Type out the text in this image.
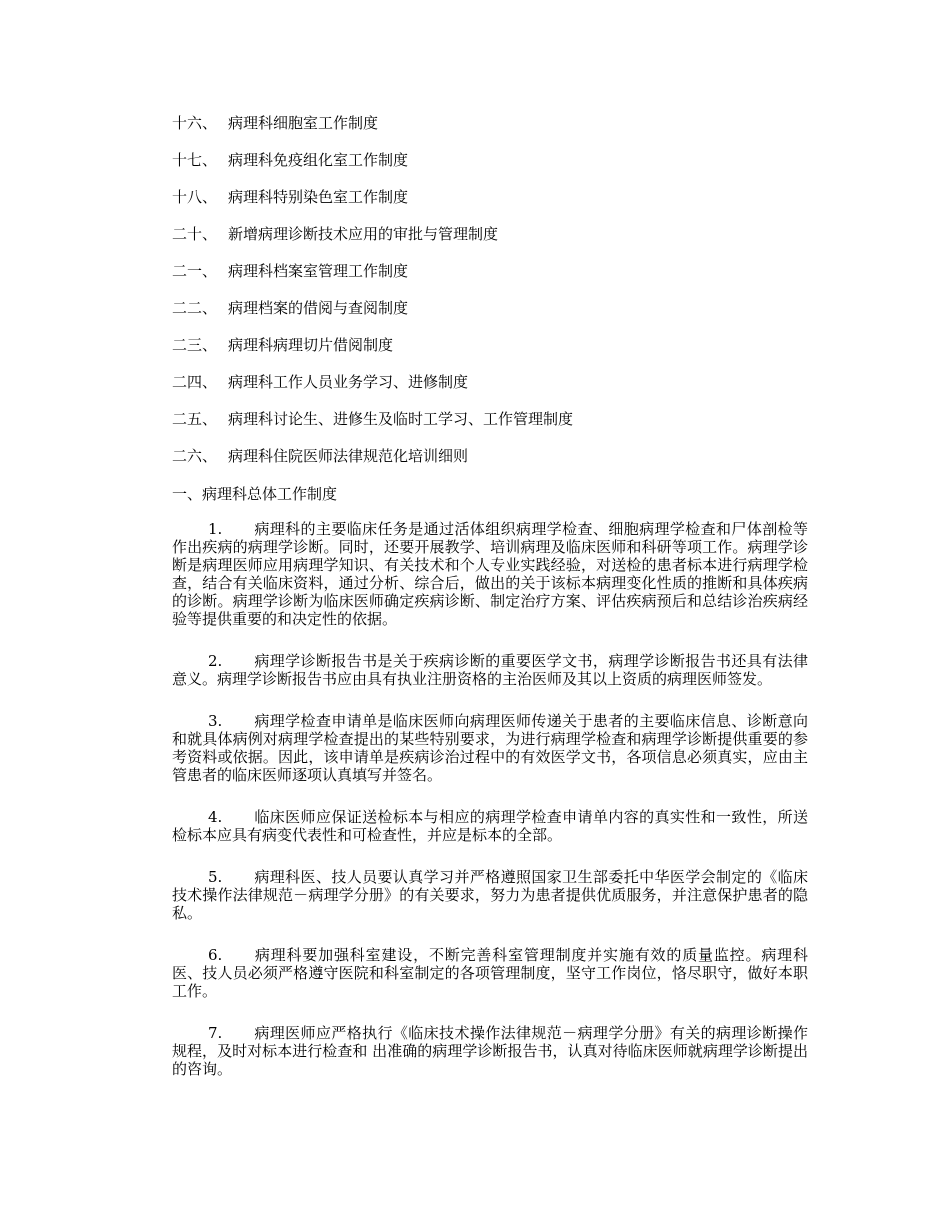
十六、 病理科细胞室工作制度
十七、 病理科免疫组化室工作制度
十八、 病理科特别染色室工作制度
二十、 新增病理诊断技术应用的审批与管理制度
二一、 病理科档案室管理工作制度
二二、 病理档案的借阅与查阅制度
二三、 病理科病理切片借阅制度
二四、 病理科工作人员业务学习、进修制度
二五、 病理科讨论生、进修生及临时工学习、工作管理制度
二六、 病理科住院医师法律规范化培训细则
一、病理科总体工作制度

1. 病理科的主要临床任务是通过活体组织病理学检查、细胞病理学检查和尸体剖检等作出疾病的病理学诊断。同时，还要开展教学、培训病理及临床医师和科研等项工作。病理学诊断是病理医师应用病理学知识、有关技术和个人专业实践经验，对送检的患者标本进行病理学检查，结合有关临床资料，通过分析、综合后，做出的关于该标本病理变化性质的推断和具体疾病的诊断。病理学诊断为临床医师确定疾病诊断、制定治疗方案、评估疾病预后和总结诊治疾病经验等提供重要的和决定性的依据。

2. 病理学诊断报告书是关于疾病诊断的重要医学文书，病理学诊断报告书还具有法律意义。病理学诊断报告书应由具有执业注册资格的主治医师及其以上资质的病理医师签发。

3. 病理学检查申请单是临床医师向病理医师传递关于患者的主要临床信息、诊断意向和就具体病例对病理学检查提出的某些特别要求，为进行病理学检查和病理学诊断提供重要的参考资料或依据。因此，该申请单是疾病诊治过程中的有效医学文书，各项信息必须真实，应由主管患者的临床医师逐项认真填写并签名。

4. 临床医师应保证送检标本与相应的病理学检查申请单内容的真实性和一致性，所送检标本应具有病变代表性和可检查性，并应是标本的全部。

5. 病理科医、技人员要认真学习并严格遵照国家卫生部委托中华医学会制定的《临床技术操作法律规范－病理学分册》的有关要求，努力为患者提供优质服务，并注意保护患者的隐私。

6. 病理科要加强科室建设，不断完善科室管理制度并实施有效的质量监控。病理科医、技人员必须严格遵守医院和科室制定的各项管理制度，坚守工作岗位，恪尽职守，做好本职工作。

7. 病理医师应严格执行《临床技术操作法律规范－病理学分册》有关的病理诊断操作规程，及时对标本进行检查和 出准确的病理学诊断报告书，认真对待临床医师就病理学诊断提出的咨询。
